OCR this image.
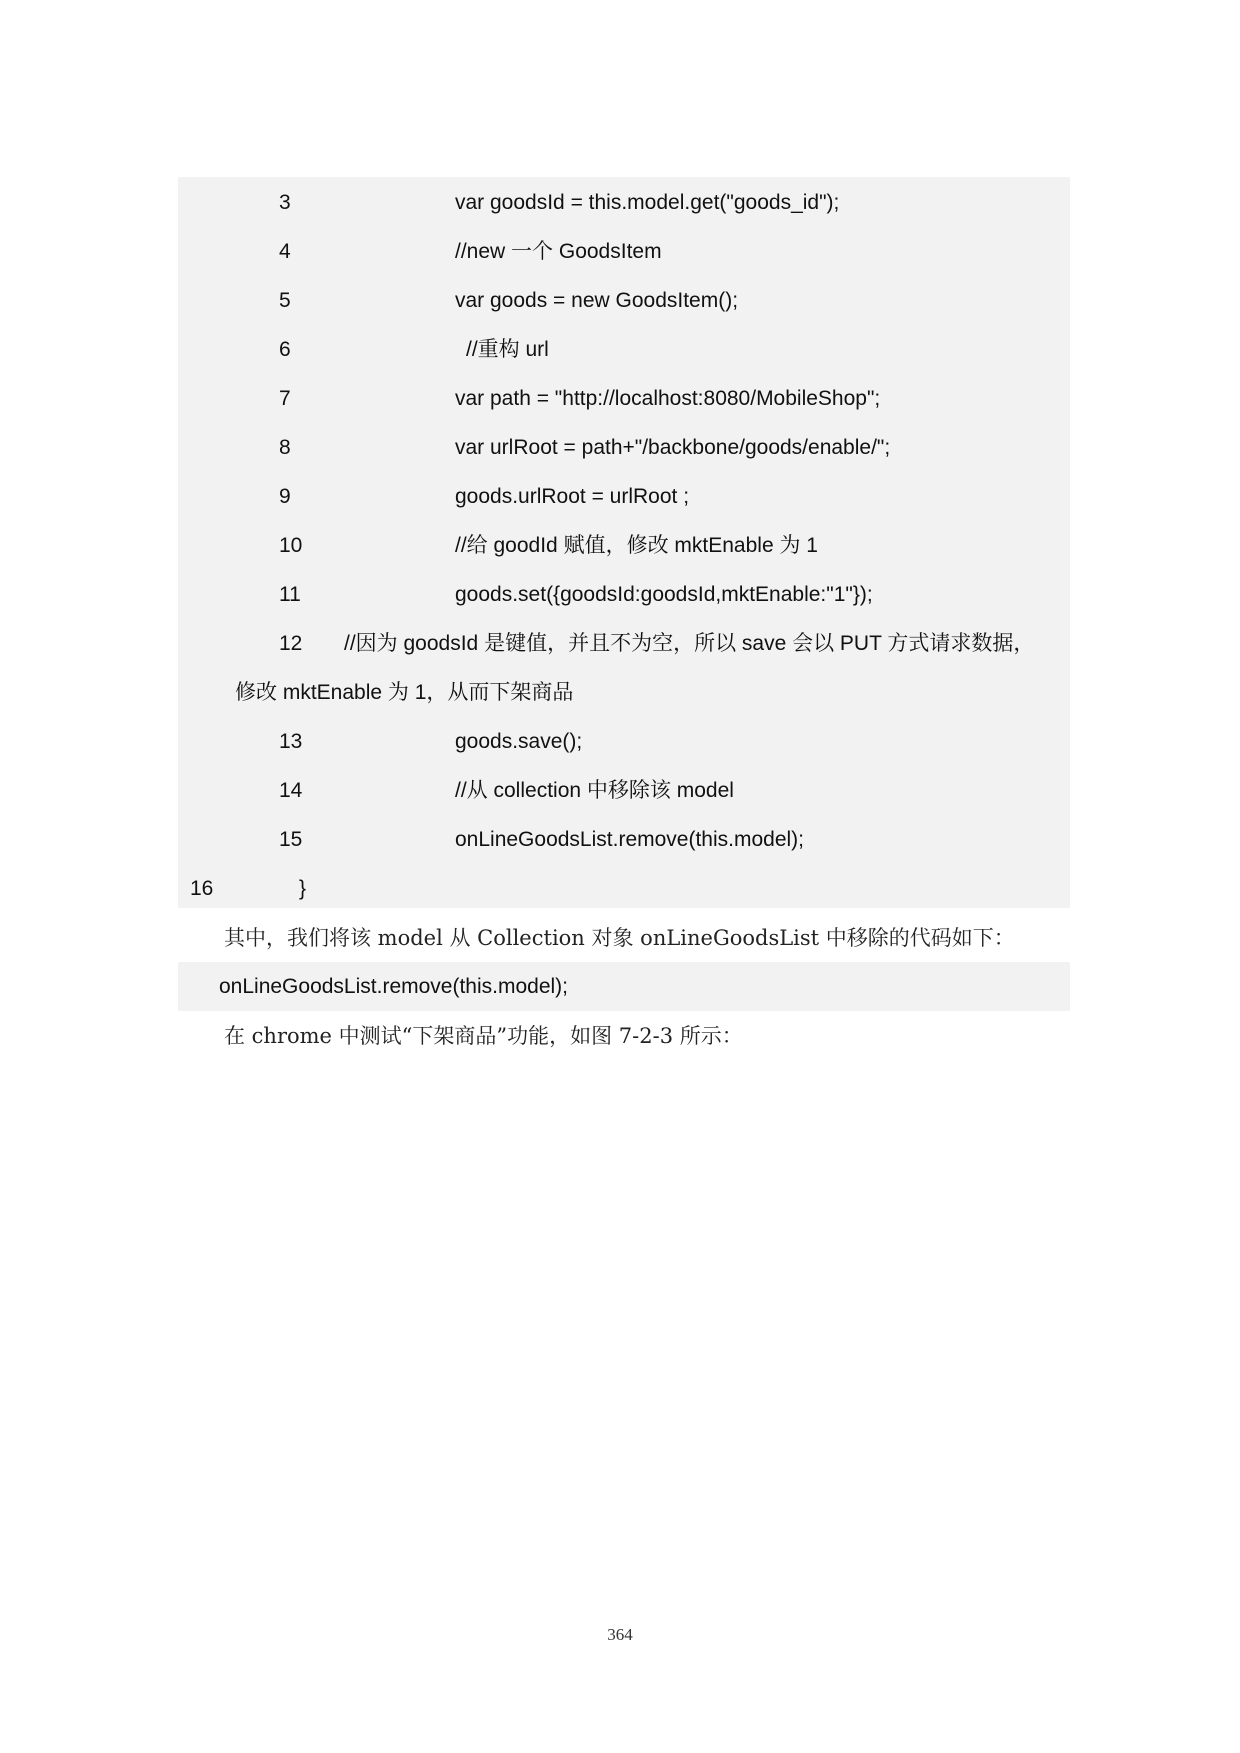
3	var goodsId = this.model.get("goods_id");
4	//new 一个 GoodsItem
5	var goods = new GoodsItem();
6	//重构 url
7	var path = "http://localhost:8080/MobileShop";
8	var urlRoot = path+"/backbone/goods/enable/";
9	goods.urlRoot = urlRoot ;
10	//给 goodId 赋值，修改 mktEnable 为 1
11	goods.set({goodsId:goodsId,mktEnable:"1"});
12 //因为 goodsId 是键值，并且不为空，所以 save 会以 PUT 方式请求数据，
修改 mktEnable 为 1，从而下架商品
13	goods.save();
14	//从 collection 中移除该 model
15	onLineGoodsList.remove(this.model);
16	}
其中，我们将该 model 从 Collection 对象 onLineGoodsList 中移除的代码如下：
onLineGoodsList.remove(this.model);
在 chrome 中测试“下架商品”功能，如图 7-2-3 所示：
364
